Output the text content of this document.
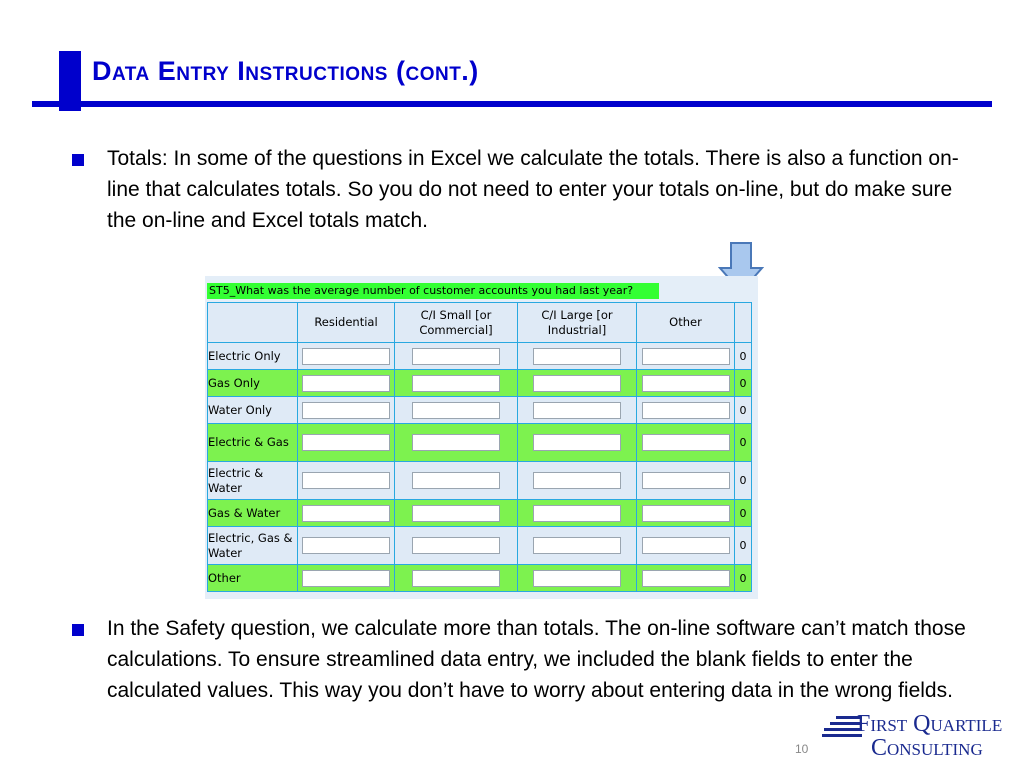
Data Entry Instructions (cont.)
Totals: In some of the questions in Excel we calculate the totals. There is also a function on-line that calculates totals. So you do not need to enter your totals on-line, but do make sure the on-line and Excel totals match.
ST5_What was the average number of customer accounts you had last year?
	Residential	C/I Small [or Commercial]	C/I Large [or Industrial]	Other	
Electric Only					0
Gas Only					0
Water Only					0
Electric & Gas					0
Electric & Water					0
Gas & Water					0
Electric, Gas & Water					0
Other					0
In the Safety question, we calculate more than totals. The on-line software can’t match those calculations. To ensure streamlined data entry, we included the blank fields to enter the calculated values. This way you don’t have to worry about entering data in the wrong fields.
10
First Quartile
Consulting
